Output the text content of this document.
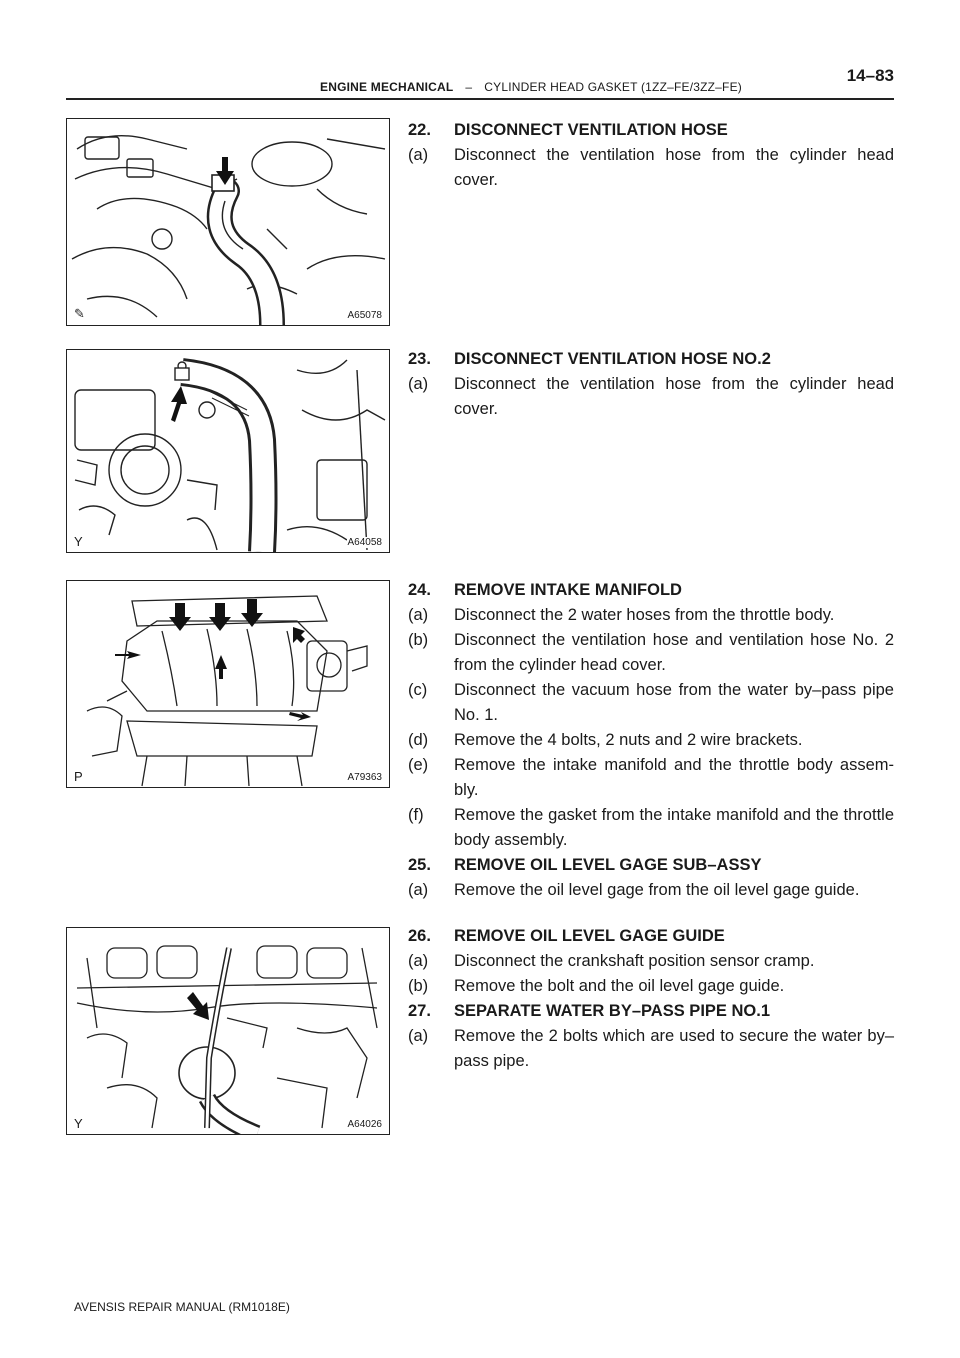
ENGINE MECHANICAL – CYLINDER HEAD GASKET (1ZZ–FE/3ZZ–FE)
14–83
✎	A65078
Y	A64058
P	A79363
Y	A64026
22.	DISCONNECT VENTILATION HOSE
(a)	Disconnect the ventilation hose from the cylinder head cover.
23.	DISCONNECT VENTILATION HOSE NO.2
(a)	Disconnect the ventilation hose from the cylinder head cover.
24.	REMOVE INTAKE MANIFOLD
(a)	Disconnect the 2 water hoses from the throttle body.
(b)	Disconnect the ventilation hose and ventilation hose No. 2 from the cylinder head cover.
(c)	Disconnect the vacuum hose from the water by–pass pipe No. 1.
(d)	Remove the 4 bolts, 2 nuts and 2 wire brackets.
(e)	Remove the intake manifold and the throttle body assem- bly.
(f)	Remove the gasket from the intake manifold and the throttle body assembly.
25.	REMOVE OIL LEVEL GAGE SUB–ASSY
(a)	Remove the oil level gage from the oil level gage guide.
26.	REMOVE OIL LEVEL GAGE GUIDE
(a)	Disconnect the crankshaft position sensor cramp.
(b)	Remove the bolt and the oil level gage guide.
27.	SEPARATE WATER BY–PASS PIPE NO.1
(a)	Remove the 2 bolts which are used to secure the water by–pass pipe.
AVENSIS REPAIR MANUAL (RM1018E)
